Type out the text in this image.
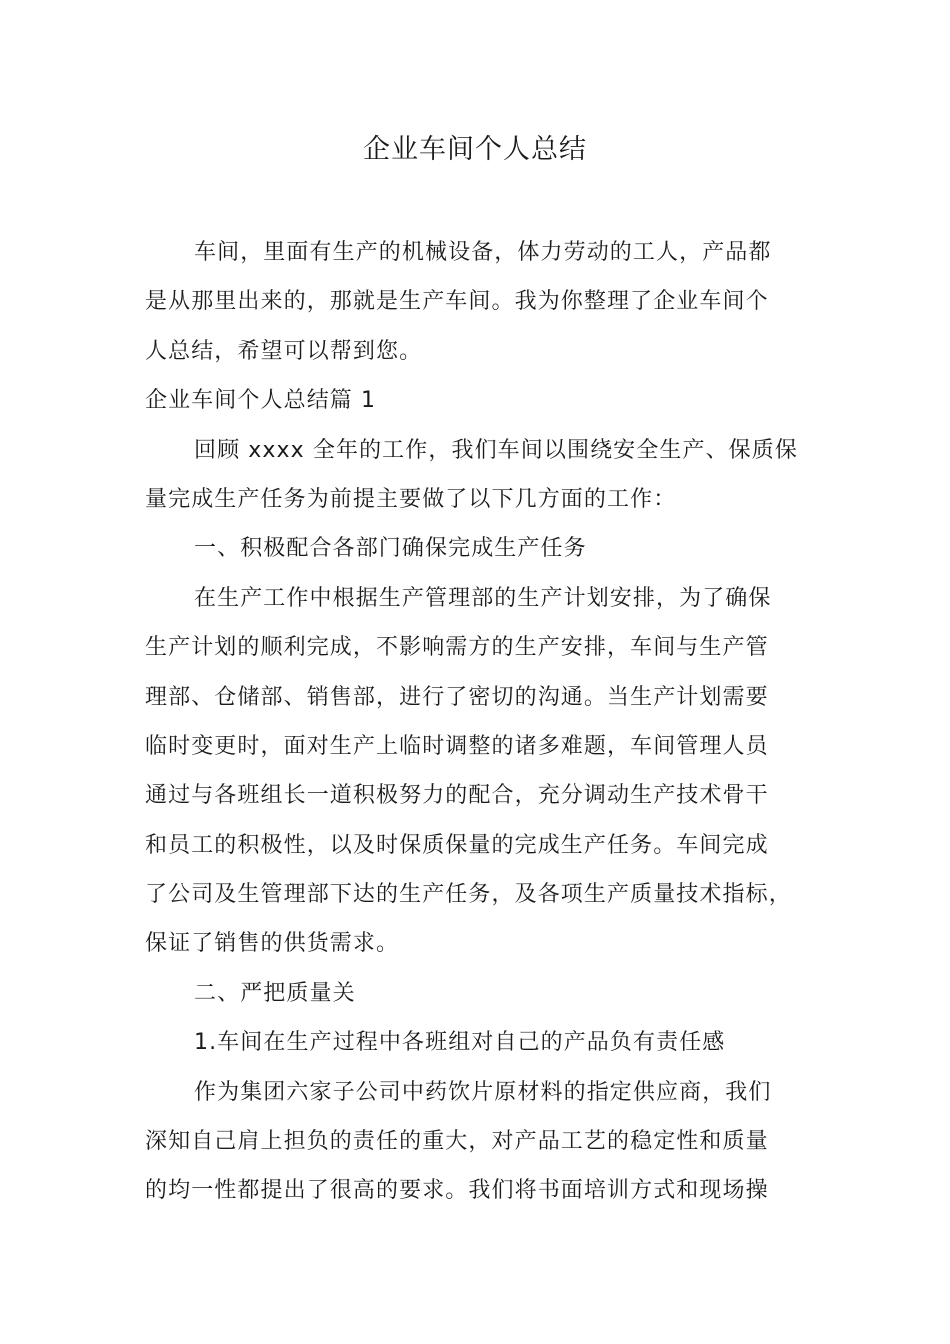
企业车间个人总结
车间，里面有生产的机械设备，体力劳动的工人，产品都
是从那里出来的，那就是生产车间。我为你整理了企业车间个
人总结，希望可以帮到您。
企业车间个人总结篇 1
回顾 xxxx 全年的工作，我们车间以围绕安全生产、保质保
量完成生产任务为前提主要做了以下几方面的工作：
一、积极配合各部门确保完成生产任务
在生产工作中根据生产管理部的生产计划安排，为了确保
生产计划的顺利完成，不影响需方的生产安排，车间与生产管
理部、仓储部、销售部，进行了密切的沟通。当生产计划需要
临时变更时，面对生产上临时调整的诸多难题，车间管理人员
通过与各班组长一道积极努力的配合，充分调动生产技术骨干
和员工的积极性，以及时保质保量的完成生产任务。车间完成
了公司及生管理部下达的生产任务，及各项生产质量技术指标，
保证了销售的供货需求。
二、严把质量关
1.车间在生产过程中各班组对自己的产品负有责任感
作为集团六家子公司中药饮片原材料的指定供应商，我们
深知自己肩上担负的责任的重大，对产品工艺的稳定性和质量
的均一性都提出了很高的要求。我们将书面培训方式和现场操
